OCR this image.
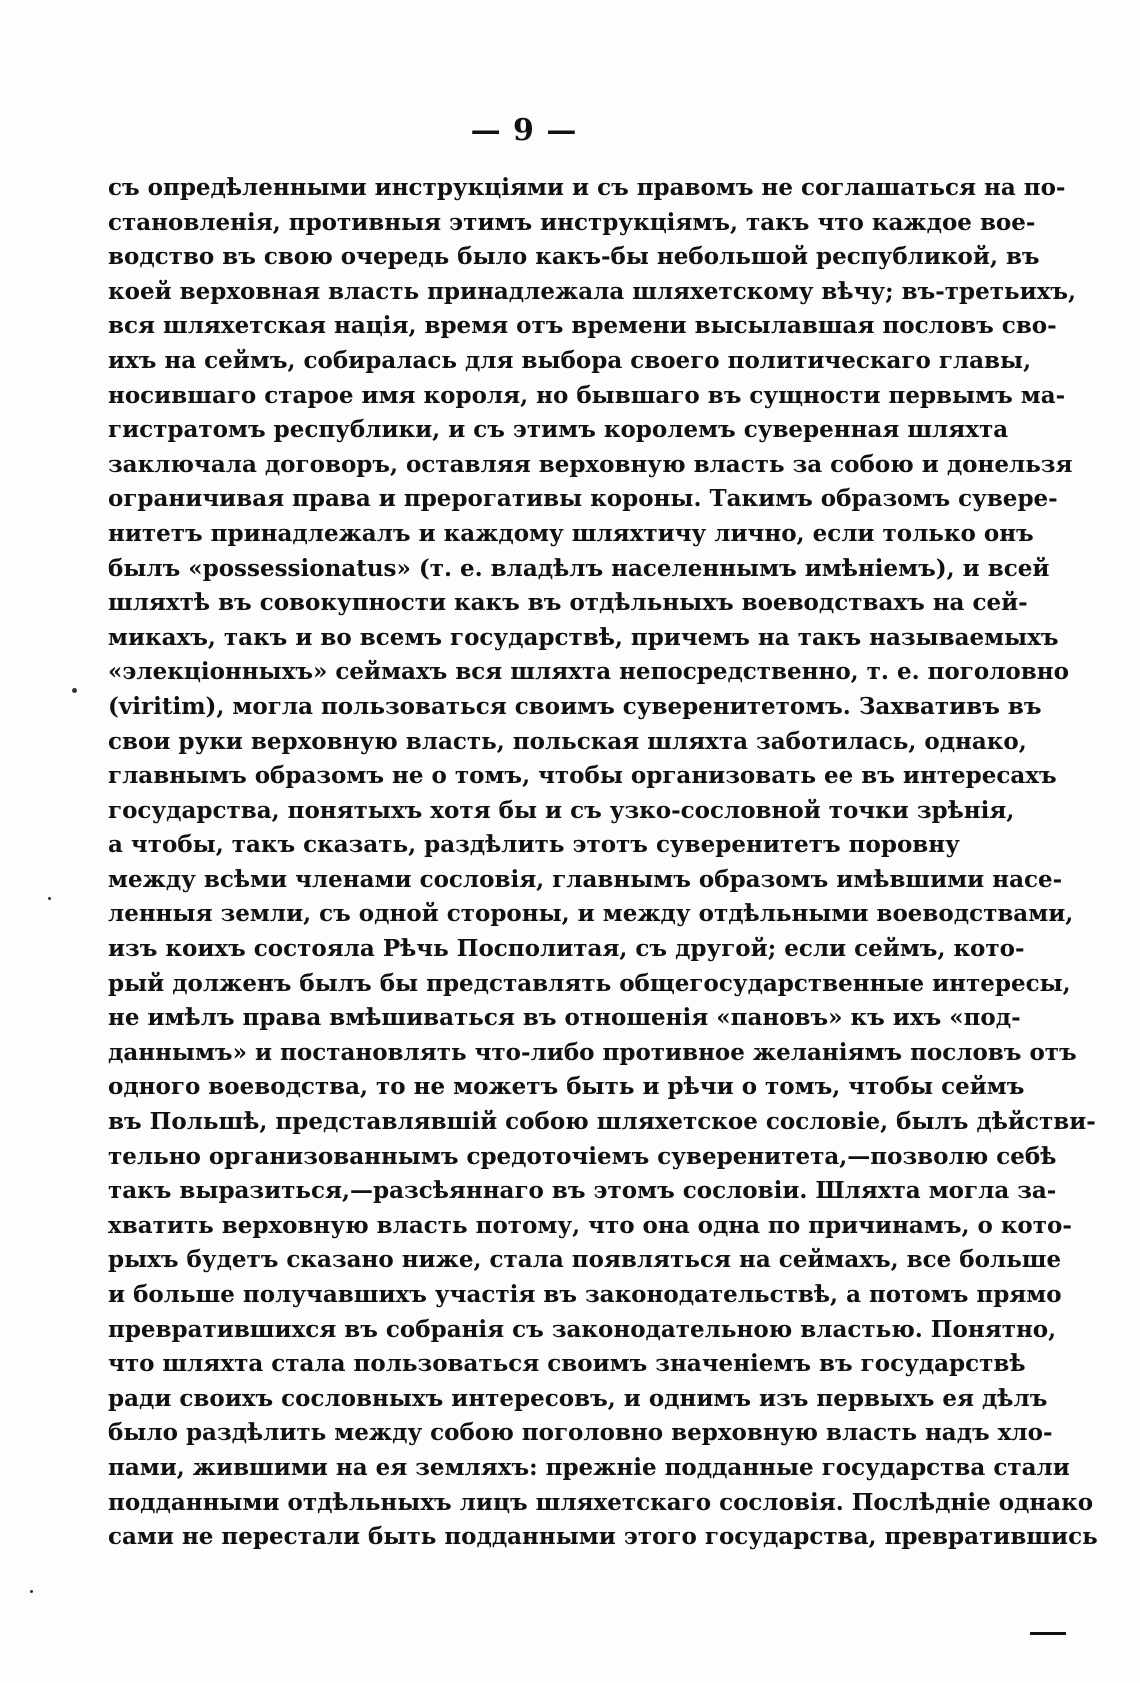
— 9 —
съ опредѣленными инструкціями и съ правомъ не соглашаться на по-
становленія, противныя этимъ инструкціямъ, такъ что каждое вое-
водство въ свою очередь было какъ-бы небольшой республикой, въ
коей верховная власть принадлежала шляхетскому вѣчу; въ-третьихъ,
вся шляхетская нація, время отъ времени высылавшая пословъ сво-
ихъ на сеймъ, собиралась для выбора своего политическаго главы,
носившаго старое имя короля, но бывшаго въ сущности первымъ ма-
гистратомъ республики, и съ этимъ королемъ суверенная шляхта
заключала договоръ, оставляя верховную власть за собою и донельзя
ограничивая права и прерогативы короны. Такимъ образомъ сувере-
нитетъ принадлежалъ и каждому шляхтичу лично, если только онъ
былъ «possessionatus» (т. е. владѣлъ населеннымъ имѣніемъ), и всей
шляхтѣ въ совокупности какъ въ отдѣльныхъ воеводствахъ на сей-
микахъ, такъ и во всемъ государствѣ, причемъ на такъ называемыхъ
«элекціонныхъ» сеймахъ вся шляхта непосредственно, т. е. поголовно
(viritim), могла пользоваться своимъ суверенитетомъ. Захвативъ въ
свои руки верховную власть, польская шляхта заботилась, однако,
главнымъ образомъ не о томъ, чтобы организовать ее въ интересахъ
государства, понятыхъ хотя бы и съ узко-сословной точки зрѣнія,
а чтобы, такъ сказать, раздѣлить этотъ суверенитетъ поровну
между всѣми членами сословія, главнымъ образомъ имѣвшими насе-
ленныя земли, съ одной стороны, и между отдѣльными воеводствами,
изъ коихъ состояла Рѣчь Посполитая, съ другой; если сеймъ, кото-
рый долженъ былъ бы представлять общегосударственные интересы,
не имѣлъ права вмѣшиваться въ отношенія «пановъ» къ ихъ «под-
даннымъ» и постановлять что-либо противное желаніямъ пословъ отъ
одного воеводства, то не можетъ быть и рѣчи о томъ, чтобы сеймъ
въ Польшѣ, представлявшій собою шляхетское сословіе, былъ дѣйстви-
тельно организованнымъ средоточіемъ суверенитета,—позволю себѣ
такъ выразиться,—разсѣяннаго въ этомъ сословіи. Шляхта могла за-
хватить верховную власть потому, что она одна по причинамъ, о кото-
рыхъ будетъ сказано ниже, стала появляться на сеймахъ, все больше
и больше получавшихъ участія въ законодательствѣ, а потомъ прямо
превратившихся въ собранія съ законодательною властью. Понятно,
что шляхта стала пользоваться своимъ значеніемъ въ государствѣ
ради своихъ сословныхъ интересовъ, и однимъ изъ первыхъ ея дѣлъ
было раздѣлить между собою поголовно верховную власть надъ хло-
пами, жившими на ея земляхъ: прежніе подданные государства стали
подданными отдѣльныхъ лицъ шляхетскаго сословія. Послѣдніе однако
сами не перестали быть подданными этого государства, превратившись
